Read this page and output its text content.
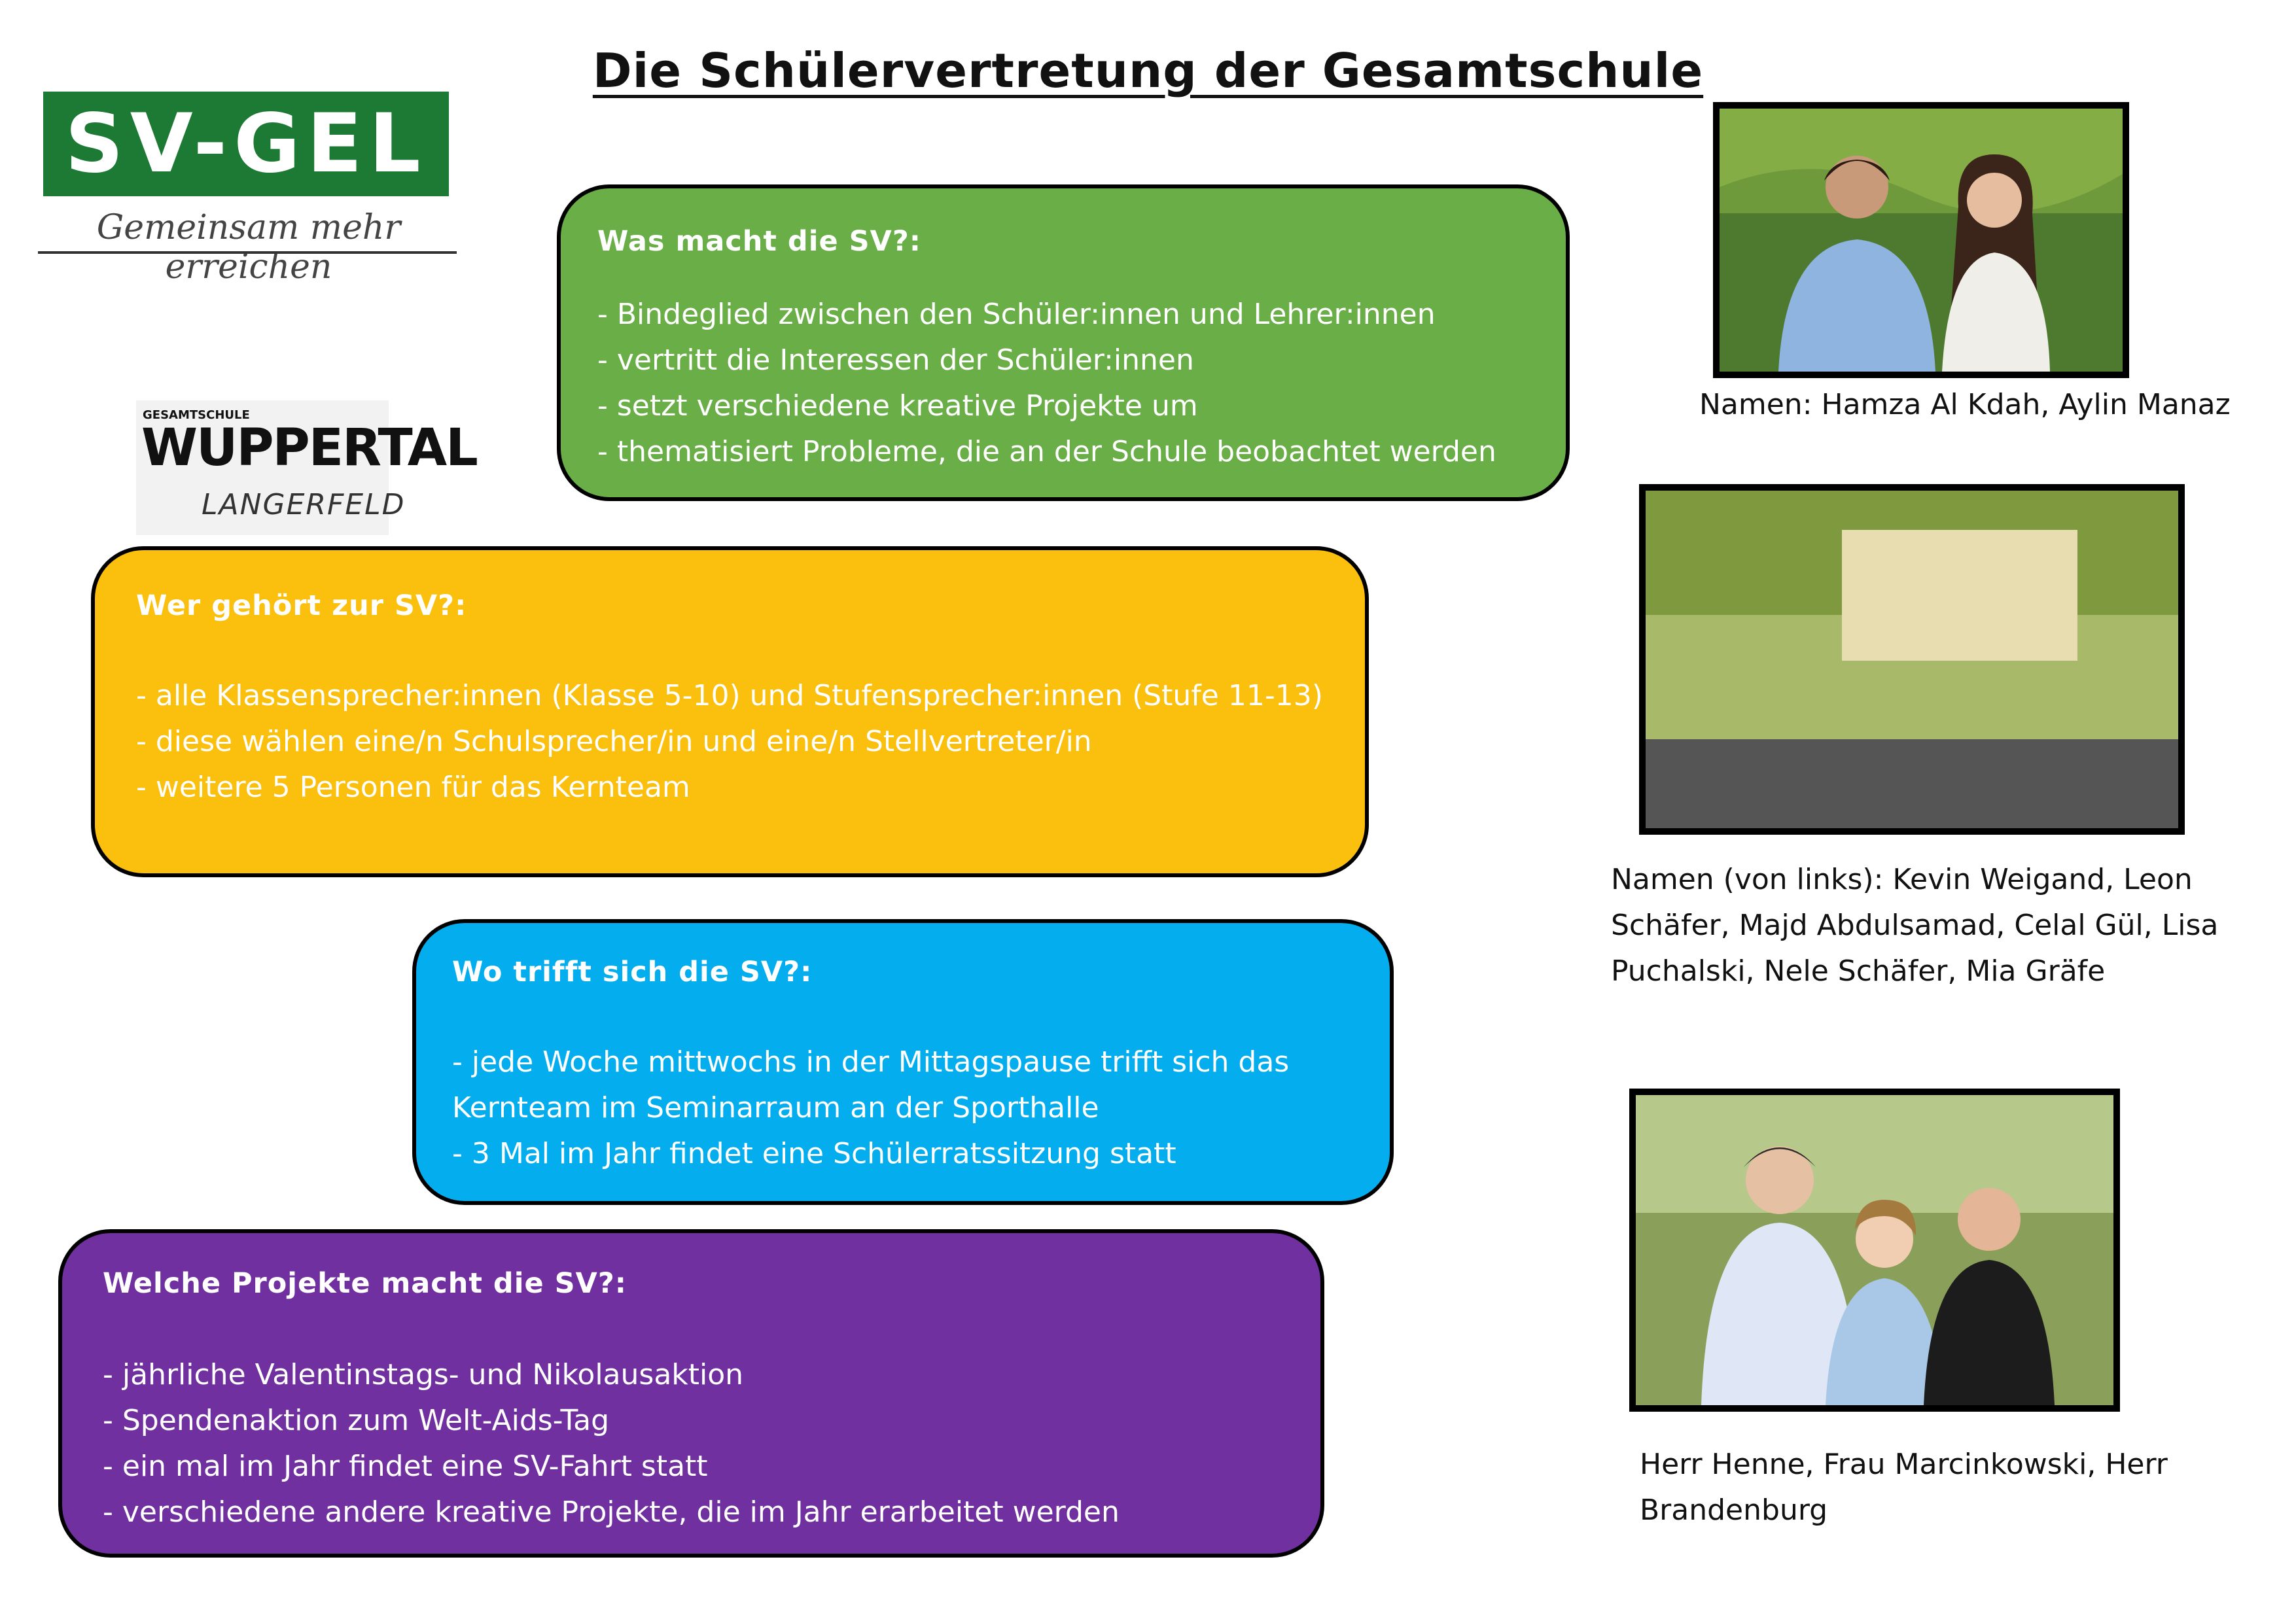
Die Schülervertretung der Gesamtschule
SV-GEL
Gemeinsam mehr erreichen
GESAMTSCHULE
WUPPERTAL
LANGERFELD
Was macht die SV?:
- Bindeglied zwischen den Schüler:innen und Lehrer:innen
- vertritt die Interessen der Schüler:innen
- setzt verschiedene kreative Projekte um
- thematisiert Probleme, die an der Schule beobachtet werden
Wer gehört zur SV?:
- alle Klassensprecher:innen (Klasse 5-10) und Stufensprecher:innen (Stufe 11-13)
- diese wählen eine/n Schulsprecher/in und eine/n Stellvertreter/in
- weitere 5 Personen für das Kernteam
Wo trifft sich die SV?:
- jede Woche mittwochs in der Mittagspause trifft sich das Kernteam im Seminarraum an der Sporthalle
- 3 Mal im Jahr findet eine Schülerratssitzung statt
Welche Projekte macht die SV?:
- jährliche Valentinstags- und Nikolausaktion
- Spendenaktion zum Welt-Aids-Tag
- ein mal im Jahr findet eine SV-Fahrt statt
- verschiedene andere kreative Projekte, die im Jahr erarbeitet werden
Namen: Hamza Al Kdah, Aylin Manaz
Namen (von links): Kevin Weigand, Leon Schäfer, Majd Abdulsamad, Celal Gül, Lisa Puchalski, Nele Schäfer, Mia Gräfe
Herr Henne, Frau Marcinkowski, Herr Brandenburg
